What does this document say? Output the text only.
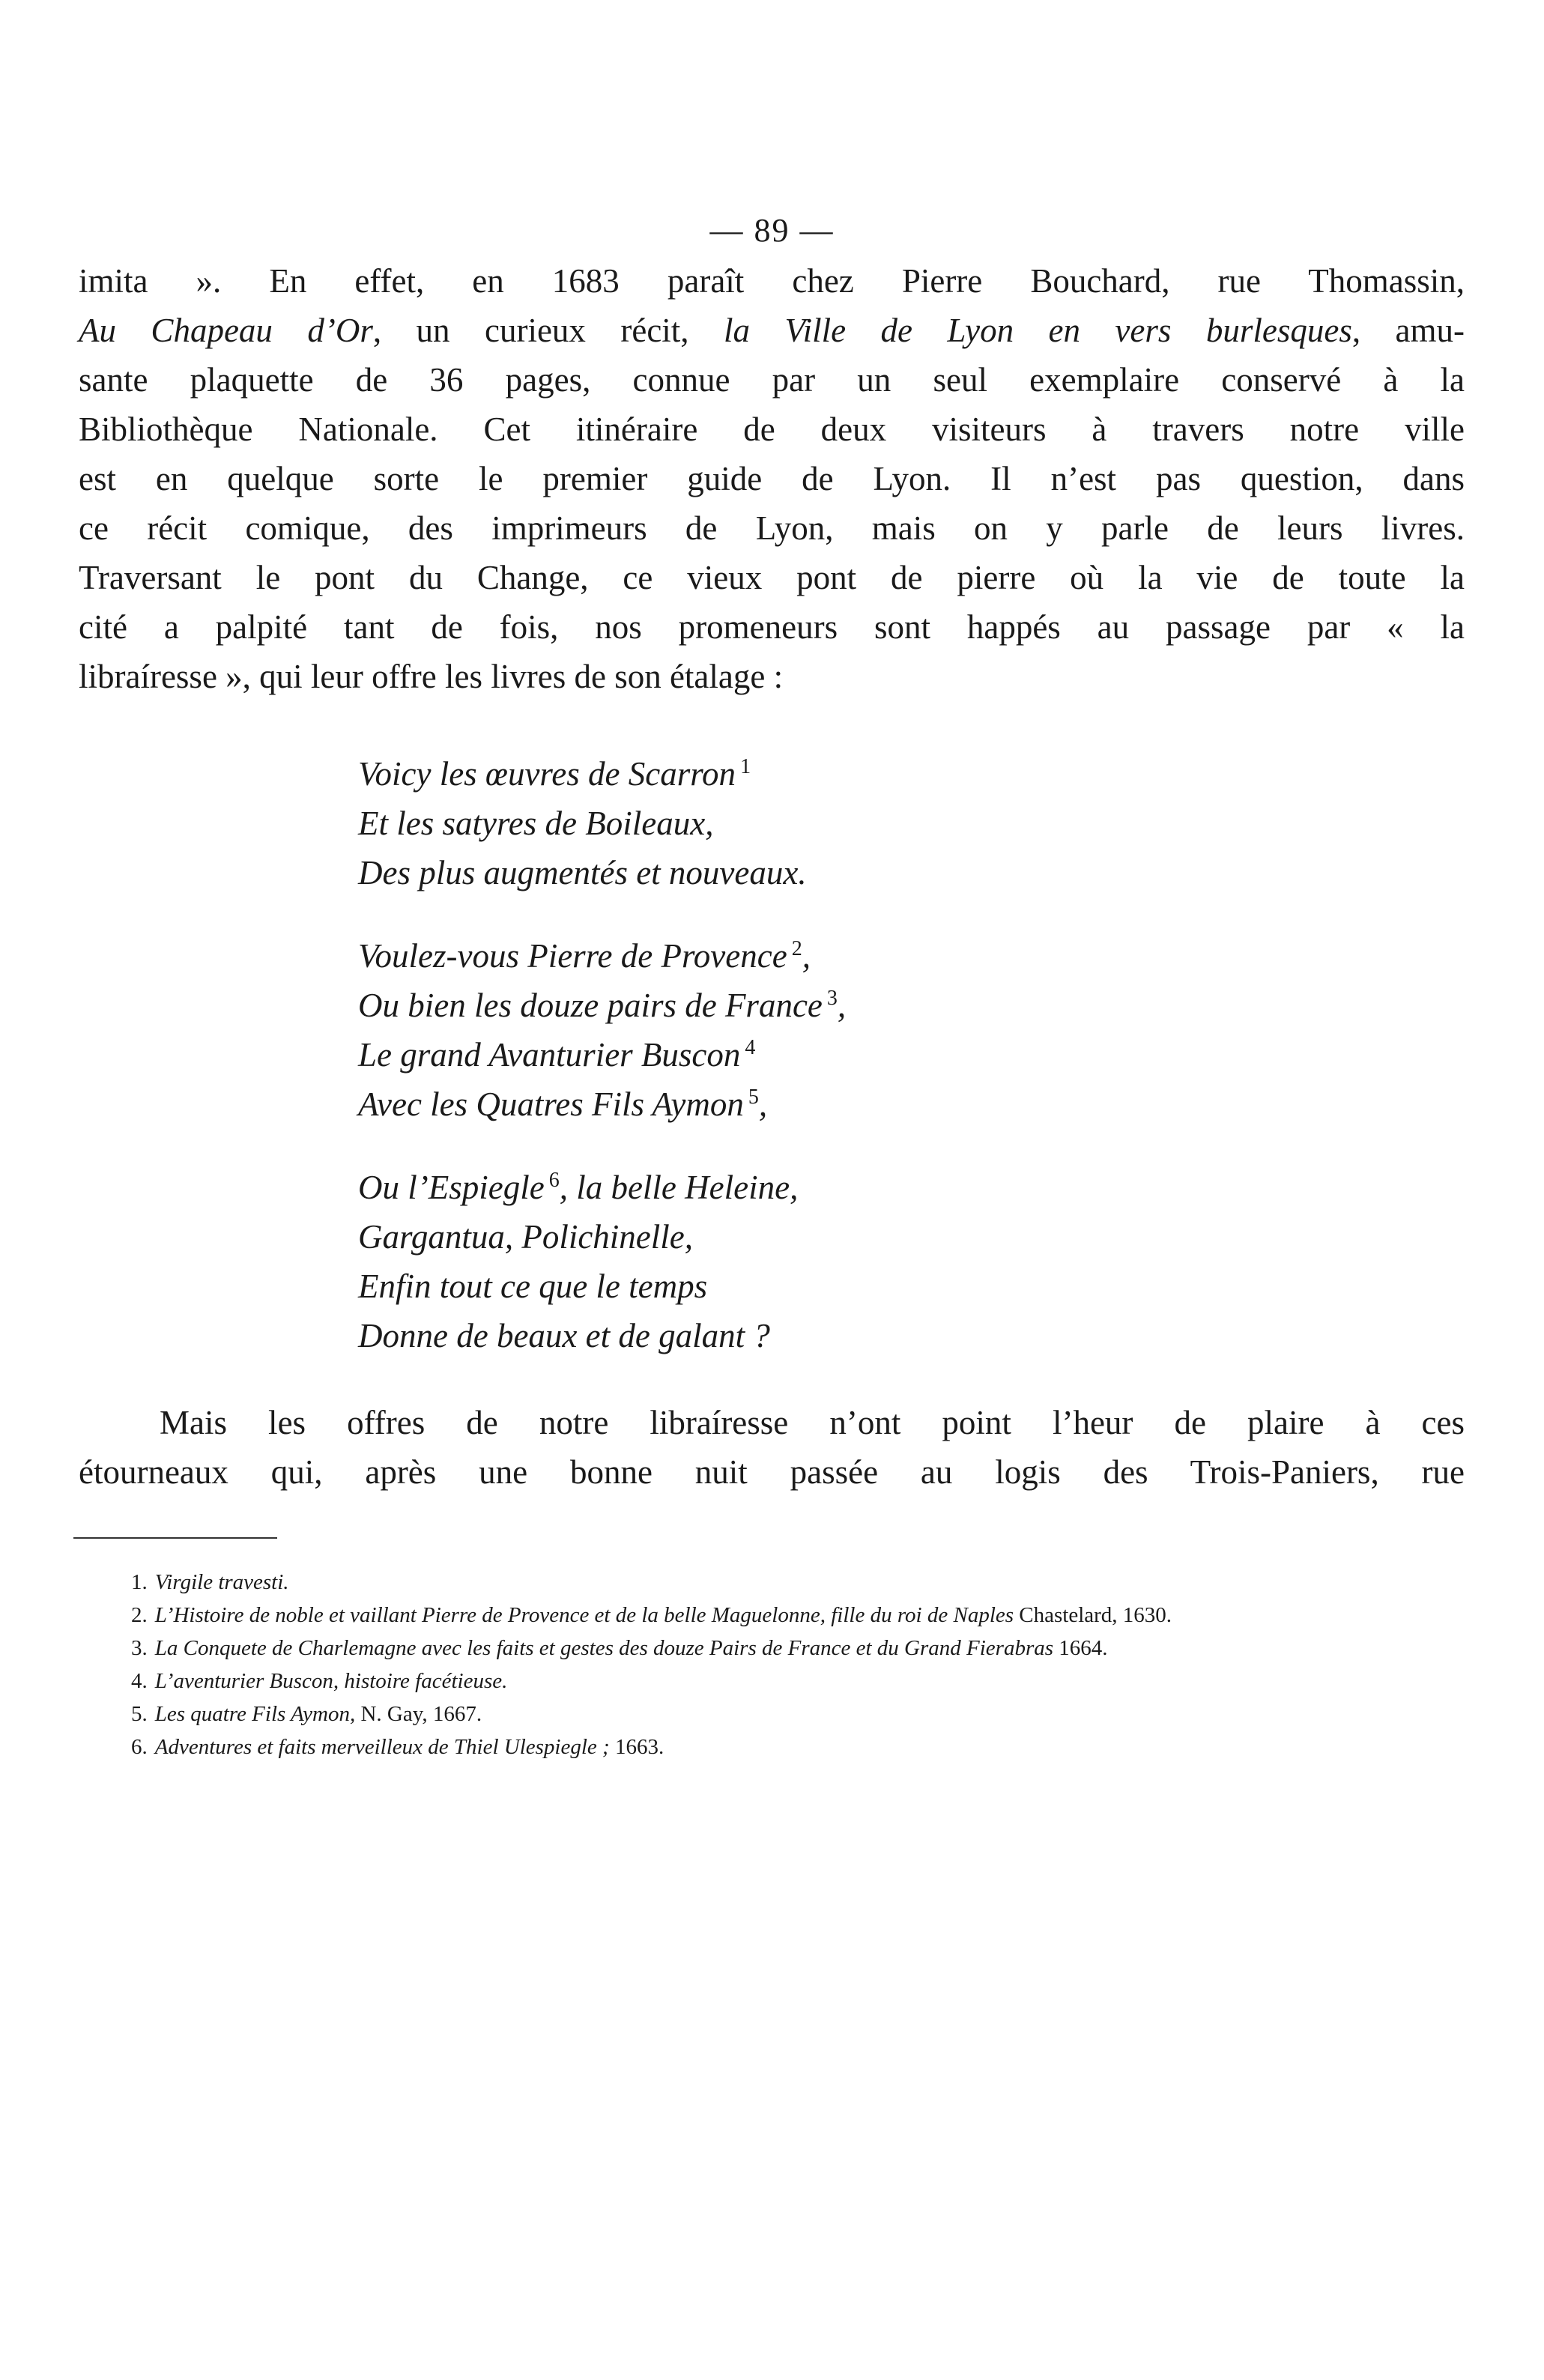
— 89 —
imita ». En effet, en 1683 paraît chez Pierre Bouchard, rue Thomassin,
Au Chapeau d’Or, un curieux récit, la Ville de Lyon en vers burlesques, amu-
sante plaquette de 36 pages, connue par un seul exemplaire conservé à la
Bibliothèque Nationale. Cet itinéraire de deux visiteurs à travers notre ville
est en quelque sorte le premier guide de Lyon. Il n’est pas question, dans
ce récit comique, des imprimeurs de Lyon, mais on y parle de leurs livres.
Traversant le pont du Change, ce vieux pont de pierre où la vie de toute la
cité a palpité tant de fois, nos promeneurs sont happés au passage par « la
libraíresse », qui leur offre les livres de son étalage :
Voicy les œuvres de Scarron $^1$
Et les satyres de Boileaux,
Des plus augmentés et nouveaux.
Voulez-vous Pierre de Provence $^2$,
Ou bien les douze pairs de France $^3$,
Le grand Avanturier Buscon $^4$
Avec les Quatres Fils Aymon $^5$,
Ou l’Espiegle $^6$, la belle Heleine,
Gargantua, Polichinelle,
Enfin tout ce que le temps
Donne de beaux et de galant ?
Mais les offres de notre libraíresse n’ont point l’heur de plaire à ces
étourneaux qui, après une bonne nuit passée au logis des Trois-Paniers, rue
1. Virgile travesti.
2. L’Histoire de noble et vaillant Pierre de Provence et de la belle Maguelonne, fille du roi de Naples Chastelard, 1630.
3. La Conquete de Charlemagne avec les faits et gestes des douze Pairs de France et du Grand Fierabras 1664.
4. L’aventurier Buscon, histoire facétieuse.
5. Les quatre Fils Aymon, N. Gay, 1667.
6. Adventures et faits merveilleux de Thiel Ulespiegle ; 1663.
